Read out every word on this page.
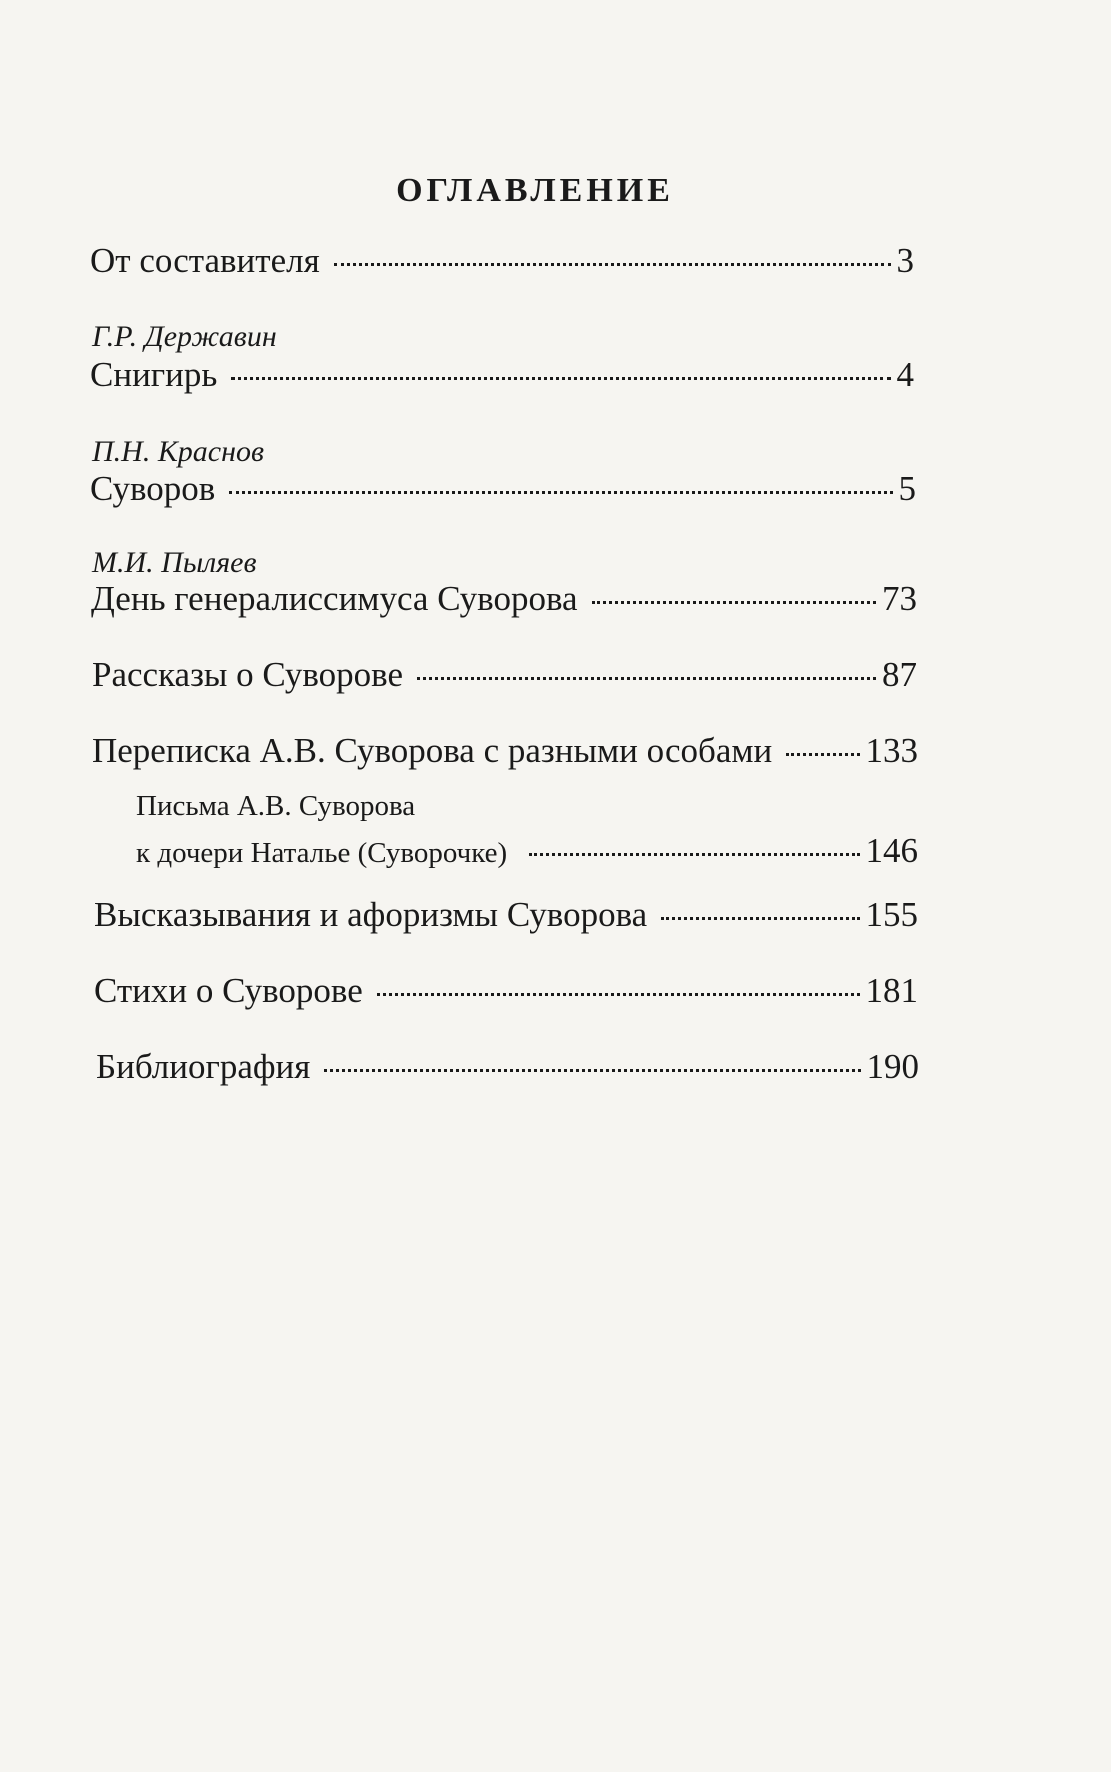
ОГЛАВЛЕНИЕ
От составителя	3
Г.Р. Державин
Снигирь	4
П.Н. Краснов
Суворов	5
М.И. Пыляев
День генералиссимуса Суворова	73
Рассказы о Суворове	87
Переписка А.В. Суворова с разными особами	133
Письма А.В. Суворова
к дочери Наталье (Суворочке)	146
Высказывания и афоризмы Суворова	155
Стихи о Суворове	181
Библиография	190
